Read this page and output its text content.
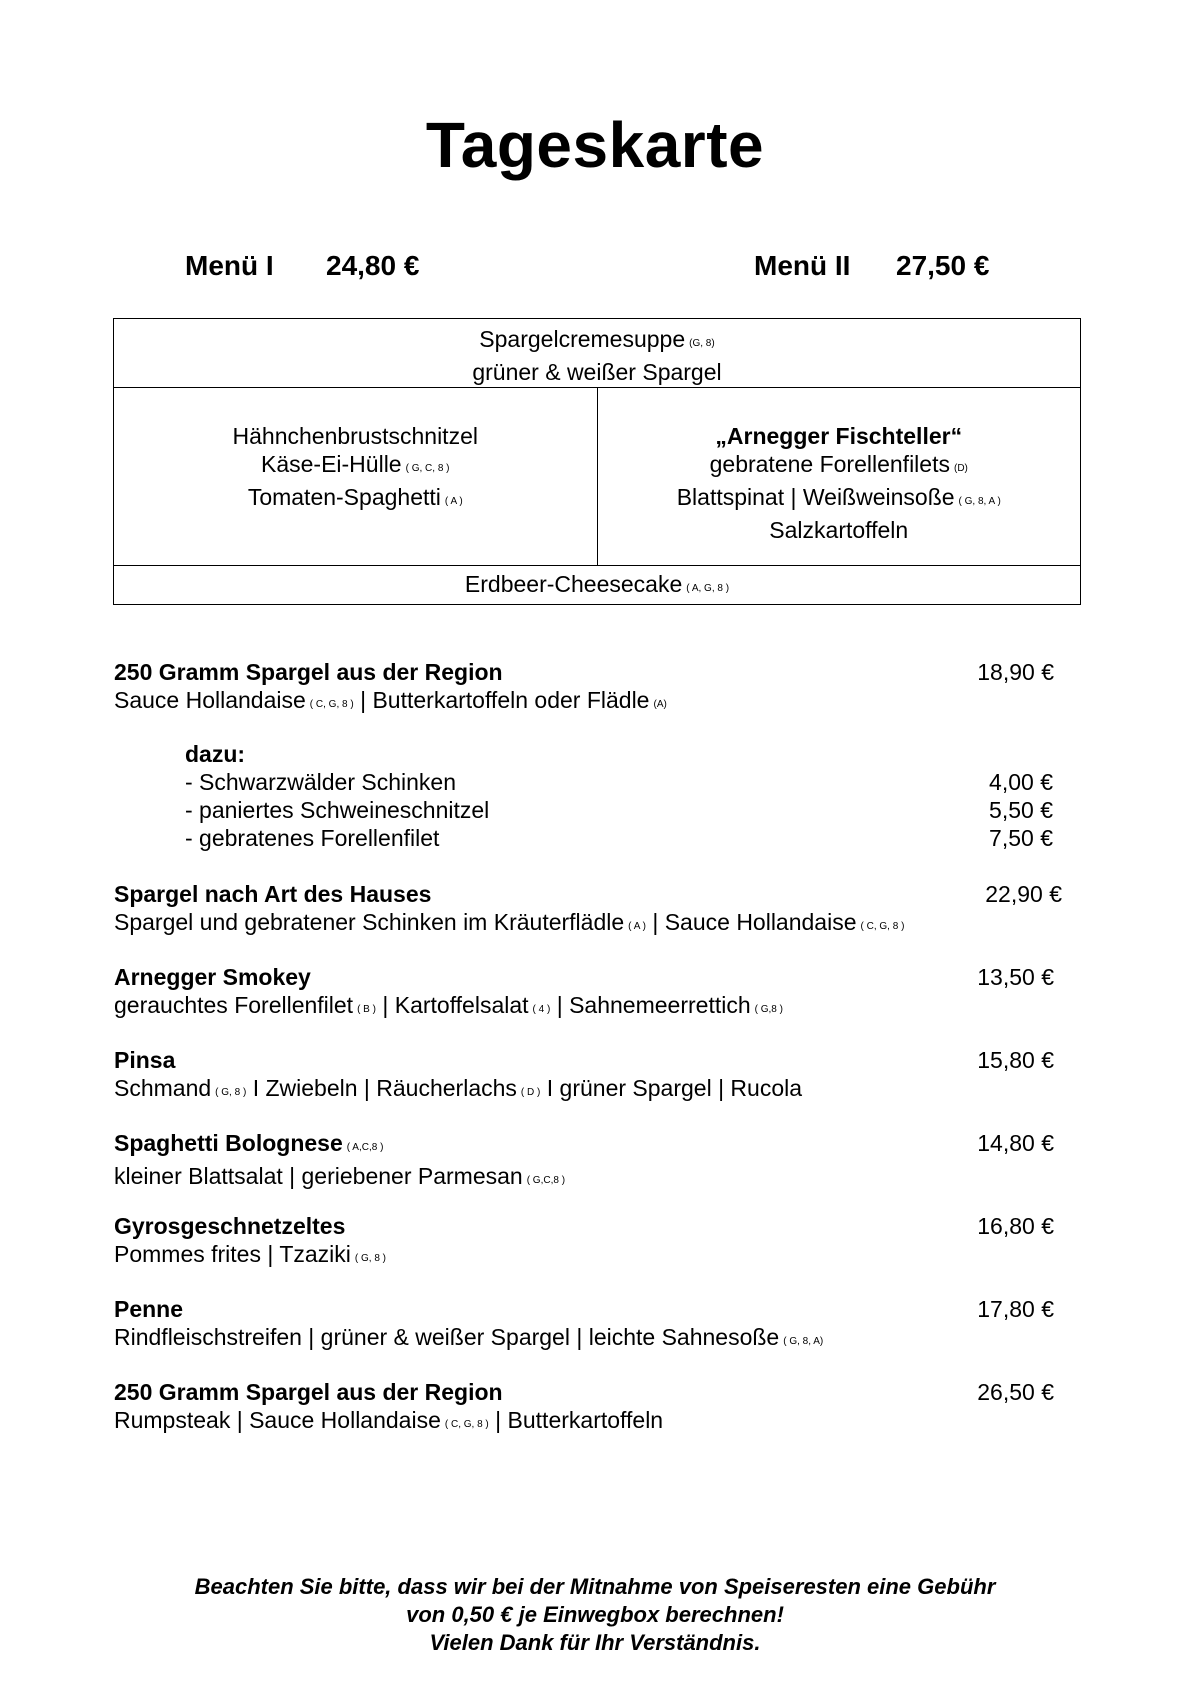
Tageskarte
Menü I 24,80 €	Menü II 27,50 €
Spargelcremesuppe (G, 8)
grüner & weißer Spargel

Hähnchenbrustschnitzel
Käse-Ei-Hülle ( G, C, 8 )
Tomaten-Spaghetti ( A )

„Arnegger Fischteller“
gebratene Forellenfilets (D)
Blattspinat | Weißweinsoße ( G, 8, A )
Salzkartoffeln

Erdbeer-Cheesecake ( A, G, 8 )
250 Gramm Spargel aus der Region	18,90 €
Sauce Hollandaise ( C, G, 8 ) | Butterkartoffeln oder Flädle (A)
dazu:
- Schwarzwälder Schinken	4,00 €
- paniertes Schweineschnitzel	5,50 €
- gebratenes Forellenfilet	7,50 €
Spargel nach Art des Hauses	22,90 €
Spargel und gebratener Schinken im Kräuterflädle ( A ) | Sauce Hollandaise ( C, G, 8 )
Arnegger Smokey	13,50 €
gerauchtes Forellenfilet ( B ) | Kartoffelsalat ( 4 ) | Sahnemeerrettich ( G,8 )
Pinsa	15,80 €
Schmand ( G, 8 ) I Zwiebeln | Räucherlachs ( D ) I grüner Spargel | Rucola
Spaghetti Bolognese ( A,C,8 )	14,80 €
kleiner Blattsalat | geriebener Parmesan ( G,C,8 )
Gyrosgeschnetzeltes	16,80 €
Pommes frites | Tzaziki ( G, 8 )
Penne	17,80 €
Rindfleischstreifen | grüner & weißer Spargel | leichte Sahnesoße ( G, 8, A)
250 Gramm Spargel aus der Region	26,50 €
Rumpsteak | Sauce Hollandaise ( C, G, 8 ) | Butterkartoffeln
Beachten Sie bitte, dass wir bei der Mitnahme von Speiseresten eine Gebühr
von 0,50 € je Einwegbox berechnen!
Vielen Dank für Ihr Verständnis.
